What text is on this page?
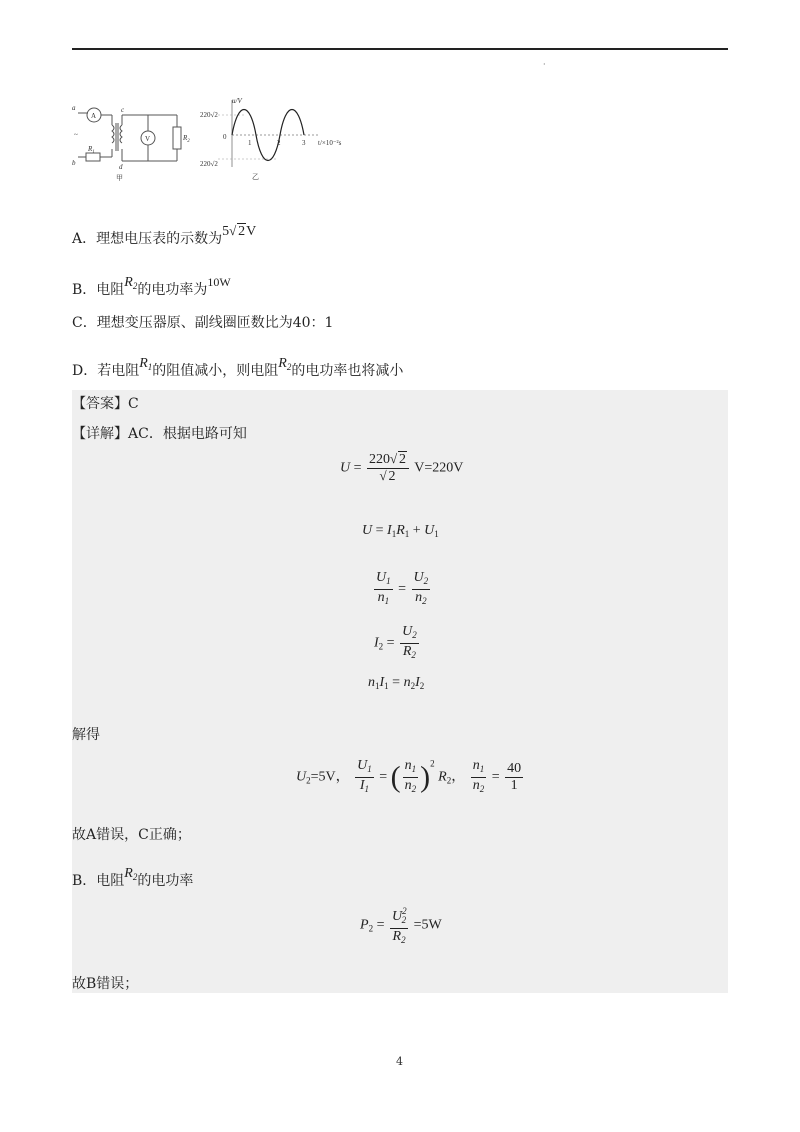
·
a
b
~
c
d
A
V
$R_1$
$R_2$
甲
u/V
220√2
220√2
0
1	2	3 t/×10⁻²s
乙
A．理想电压表的示数为5 √ 2V
B．电阻$R_2$的电功率为10W
C．理想变压器原、副线圈匝数比为40：1
D．若电阻$R_1$的阻值减小，则电阻$R_2$的电功率也将减小
【答案】C
【详解】AC．根据电路可知
U = 220 √ 2
√ 2 V=220V
$U = I_1R_1 + U_1$
$\frac{U_1}{n_1} = \frac{U_2}{n_2}$
$I_2 = \frac{U_2}{R_2}$
$n_1I_1 = n_2I_2$
解得
$U_2=5V$， $\frac{U_1}{I_1}$ = ( $\frac{n_1}{n_2} )^2$ $R_2$， $\frac{n_1}{n_2} = \frac{40}{1}$
故A错误，C正确；
B．电阻$R_2$的电功率
$P_2 = \frac{U^2_2}{R_2} =5W$
故B错误；
4
